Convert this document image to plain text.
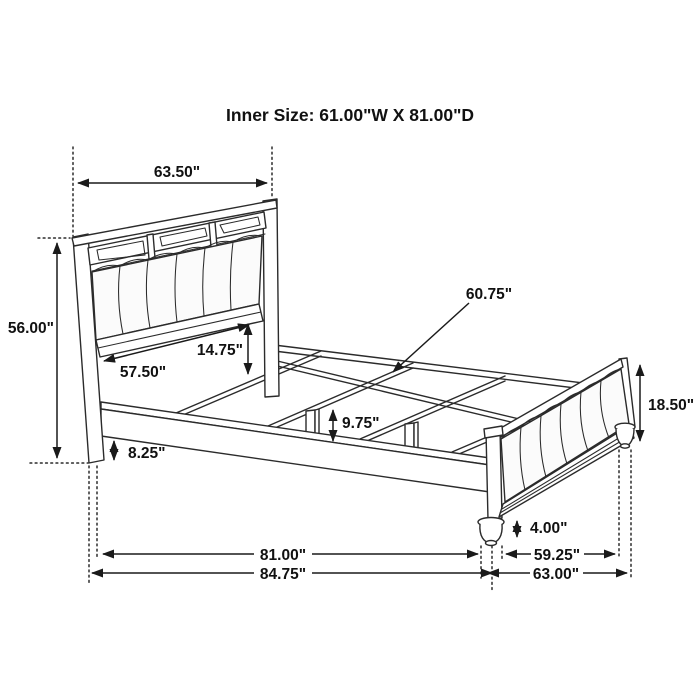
Inner Size: 61.00"W X 81.00"D
63.50"
56.00"
57.50"
14.75"
60.75"
9.75"
8.25"
18.50"
4.00"
81.00"	59.25"
84.75"	63.00"
